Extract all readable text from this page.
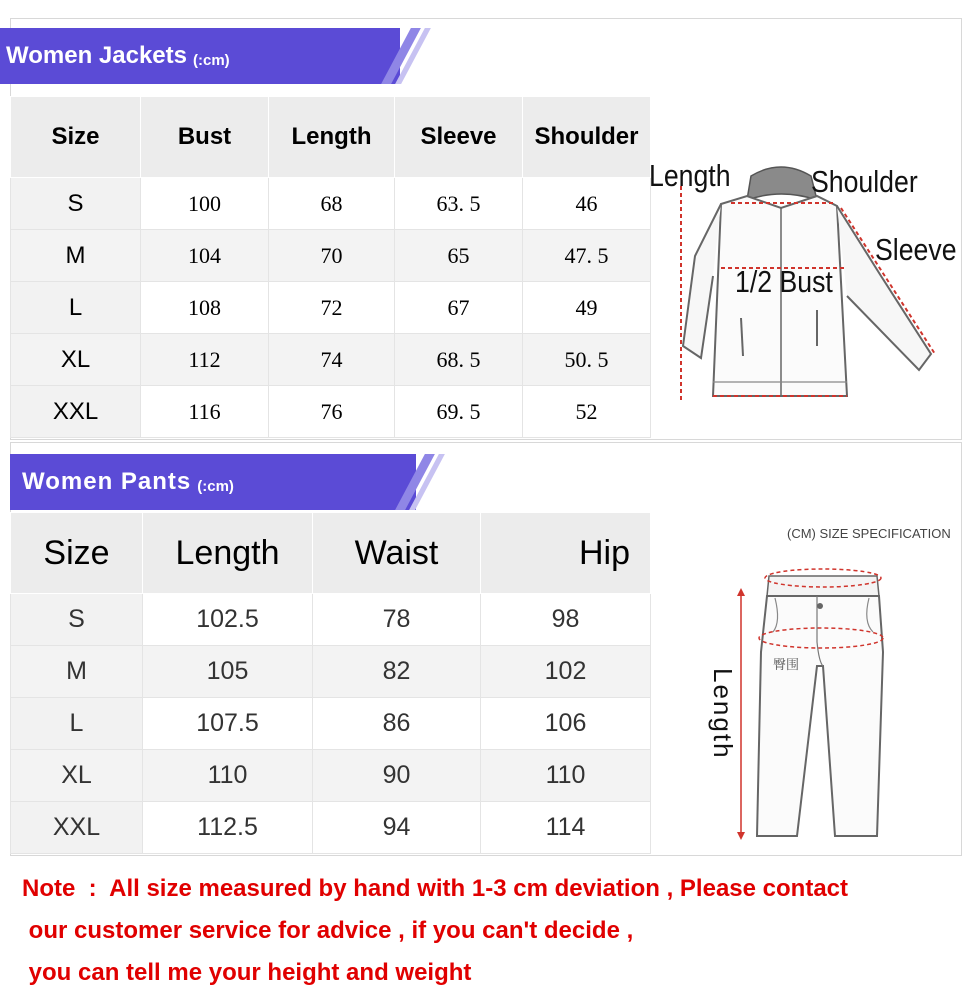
Women Jackets (:cm)
Size	Bust	Length	Sleeve	Shoulder
S	100	68	63. 5	46
M	104	70	65	47. 5
L	108	72	67	49
XL	112	74	68. 5	50. 5
XXL	116	76	69. 5	52
Length	Shoulder
Sleeve
1/2 Bust
Women Pants (:cm)
Size	Length	Waist	Hip
S	102.5	78	98
M	105	82	102
L	107.5	86	106
XL	110	90	110
XXL	112.5	94	114
(CM) SIZE SPECIFICATION
臀围
Length
Note  :  All size measured by hand with 1-3 cm deviation , Please contact
our customer service for advice , if you can't decide ,
you can tell me your height and weight
